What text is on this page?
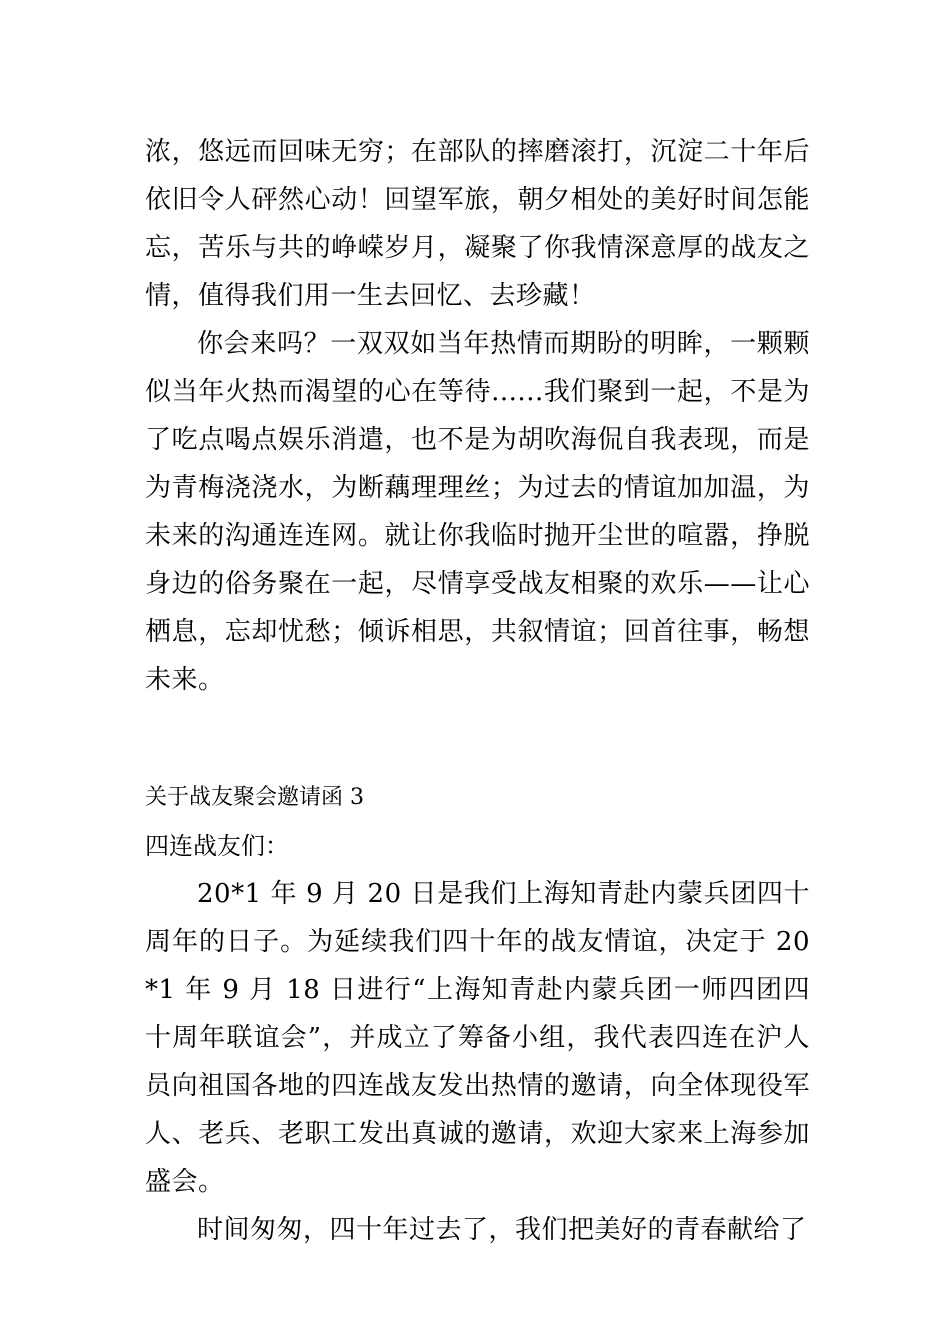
浓，悠远而回味无穷；在部队的摔磨滚打，沉淀二十年后依旧令人砰然心动！回望军旅，朝夕相处的美好时间怎能忘，苦乐与共的峥嵘岁月，凝聚了你我情深意厚的战友之情，值得我们用一生去回忆、去珍藏！

你会来吗？一双双如当年热情而期盼的明眸，一颗颗似当年火热而渴望的心在等待......我们聚到一起，不是为了吃点喝点娱乐消遣，也不是为胡吹海侃自我表现，而是为青梅浇浇水，为断藕理理丝；为过去的情谊加加温，为未来的沟通连连网。就让你我临时抛开尘世的喧嚣，挣脱身边的俗务聚在一起，尽情享受战友相聚的欢乐——让心栖息，忘却忧愁；倾诉相思，共叙情谊；回首往事，畅想未来。

关于战友聚会邀请函 3

四连战友们：

20*1 年 9 月 20 日是我们上海知青赴内蒙兵团四十周年的日子。为延续我们四十年的战友情谊，决定于 20*1 年 9 月 18 日进行“上海知青赴内蒙兵团一师四团四十周年联谊会”，并成立了筹备小组，我代表四连在沪人员向祖国各地的四连战友发出热情的邀请，向全体现役军人、老兵、老职工发出真诚的邀请，欢迎大家来上海参加盛会。

时间匆匆，四十年过去了，我们把美好的青春献给了
